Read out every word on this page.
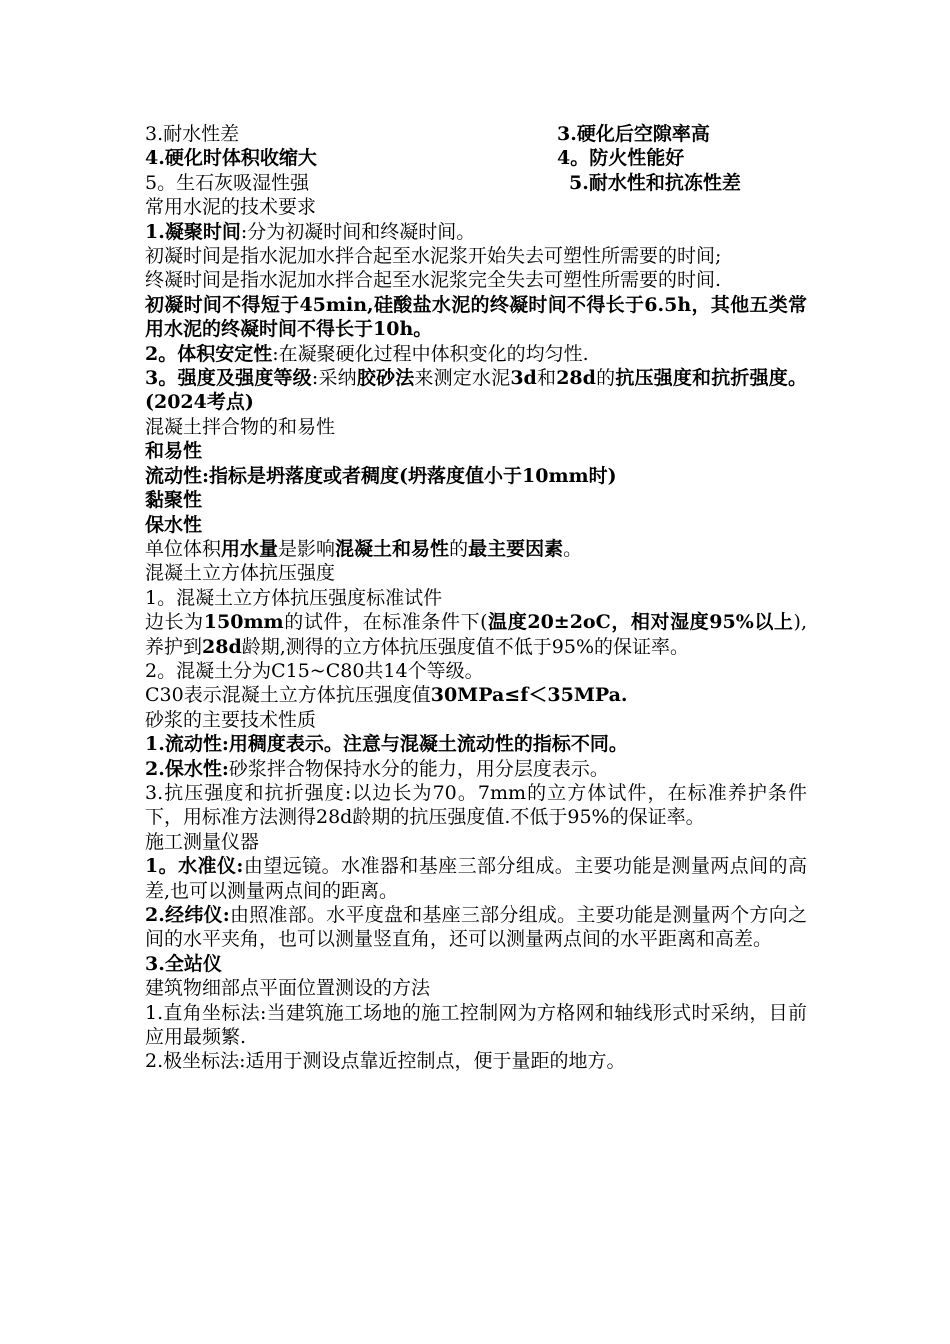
3.耐水性差	3.硬化后空隙率高
4.硬化时体积收缩大	4。防火性能好
5。生石灰吸湿性强	5.耐水性和抗冻性差

常用水泥的技术要求

1.凝聚时间:分为初凝时间和终凝时间。

初凝时间是指水泥加水拌合起至水泥浆开始失去可塑性所需要的时间;

终凝时间是指水泥加水拌合起至水泥浆完全失去可塑性所需要的时间.

初凝时间不得短于45min,硅酸盐水泥的终凝时间不得长于6.5h，其他五类常用水泥的终凝时间不得长于10h。

2。体积安定性:在凝聚硬化过程中体积变化的均匀性.

3。强度及强度等级:采纳胶砂法来测定水泥3d和28d的抗压强度和抗折强度。(2024考点)

混凝土拌合物的和易性

和易性

流动性:指标是坍落度或者稠度(坍落度值小于10mm时)

黏聚性

保水性

单位体积用水量是影响混凝土和易性的最主要因素。

混凝土立方体抗压强度

1。混凝土立方体抗压强度标准试件

边长为150mm的试件，在标准条件下(温度20±2oC，相对湿度95%以上),养护到28d龄期,测得的立方体抗压强度值不低于95%的保证率。

2。混凝土分为C15~C80共14个等级。

C30表示混凝土立方体抗压强度值30MPa≤f＜35MPa.

砂浆的主要技术性质

1.流动性:用稠度表示。注意与混凝土流动性的指标不同。

2.保水性:砂浆拌合物保持水分的能力，用分层度表示。

3.抗压强度和抗折强度:以边长为70。7mm的立方体试件，在标准养护条件下，用标准方法测得28d龄期的抗压强度值.不低于95%的保证率。

施工测量仪器

1。水准仪:由望远镜。水准器和基座三部分组成。主要功能是测量两点间的高差,也可以测量两点间的距离。

2.经纬仪:由照准部。水平度盘和基座三部分组成。主要功能是测量两个方向之间的水平夹角，也可以测量竖直角，还可以测量两点间的水平距离和高差。

3.全站仪

建筑物细部点平面位置测设的方法

1.直角坐标法:当建筑施工场地的施工控制网为方格网和轴线形式时采纳，目前应用最频繁.

2.极坐标法:适用于测设点靠近控制点，便于量距的地方。
